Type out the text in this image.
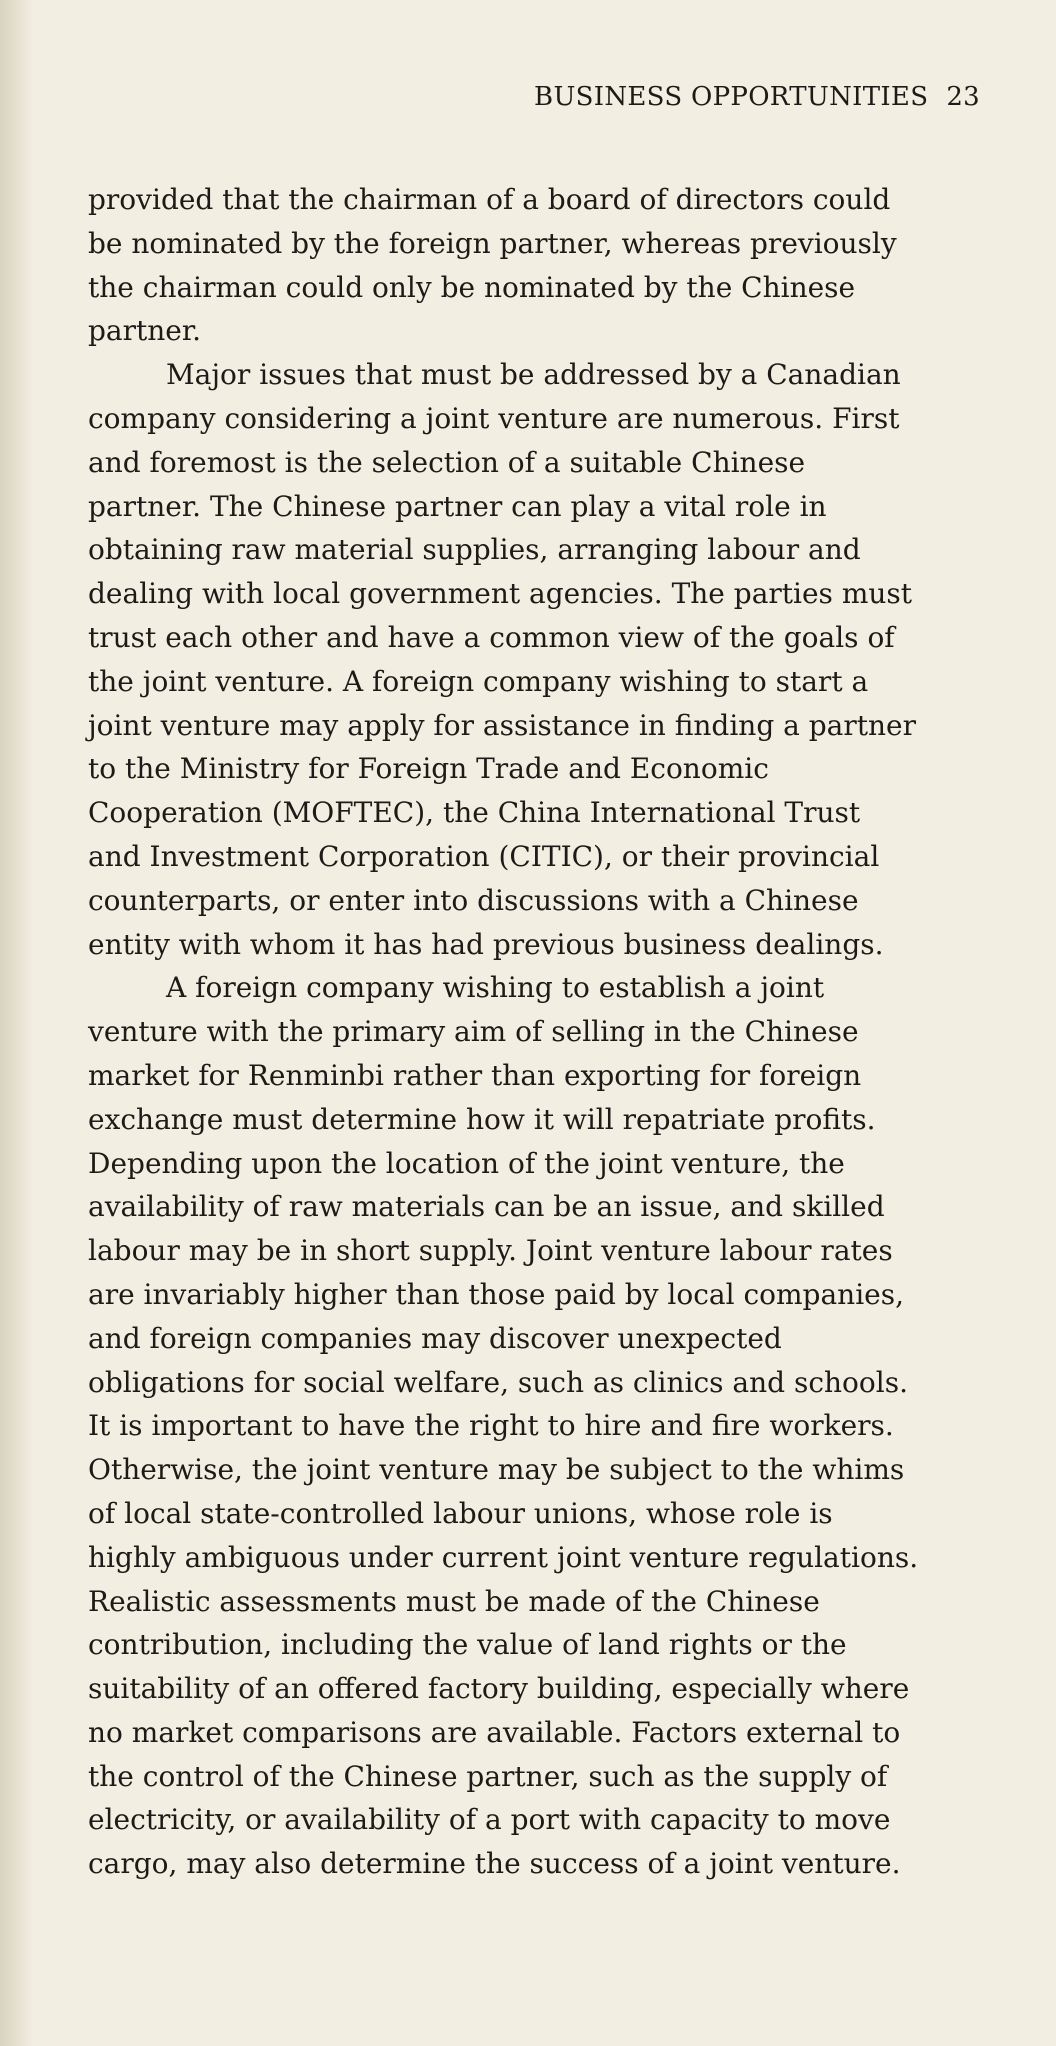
BUSINESS OPPORTUNITIES 23
provided that the chairman of a board of directors could
be nominated by the foreign partner, whereas previously
the chairman could only be nominated by the Chinese
partner.
Major issues that must be addressed by a Canadian
company considering a joint venture are numerous. First
and foremost is the selection of a suitable Chinese
partner. The Chinese partner can play a vital role in
obtaining raw material supplies, arranging labour and
dealing with local government agencies. The parties must
trust each other and have a common view of the goals of
the joint venture. A foreign company wishing to start a
joint venture may apply for assistance in finding a partner
to the Ministry for Foreign Trade and Economic
Cooperation (MOFTEC), the China International Trust
and Investment Corporation (CITIC), or their provincial
counterparts, or enter into discussions with a Chinese
entity with whom it has had previous business dealings.
A foreign company wishing to establish a joint
venture with the primary aim of selling in the Chinese
market for Renminbi rather than exporting for foreign
exchange must determine how it will repatriate profits.
Depending upon the location of the joint venture, the
availability of raw materials can be an issue, and skilled
labour may be in short supply. Joint venture labour rates
are invariably higher than those paid by local companies,
and foreign companies may discover unexpected
obligations for social welfare, such as clinics and schools.
It is important to have the right to hire and fire workers.
Otherwise, the joint venture may be subject to the whims
of local state-controlled labour unions, whose role is
highly ambiguous under current joint venture regulations.
Realistic assessments must be made of the Chinese
contribution, including the value of land rights or the
suitability of an offered factory building, especially where
no market comparisons are available. Factors external to
the control of the Chinese partner, such as the supply of
electricity, or availability of a port with capacity to move
cargo, may also determine the success of a joint venture.
